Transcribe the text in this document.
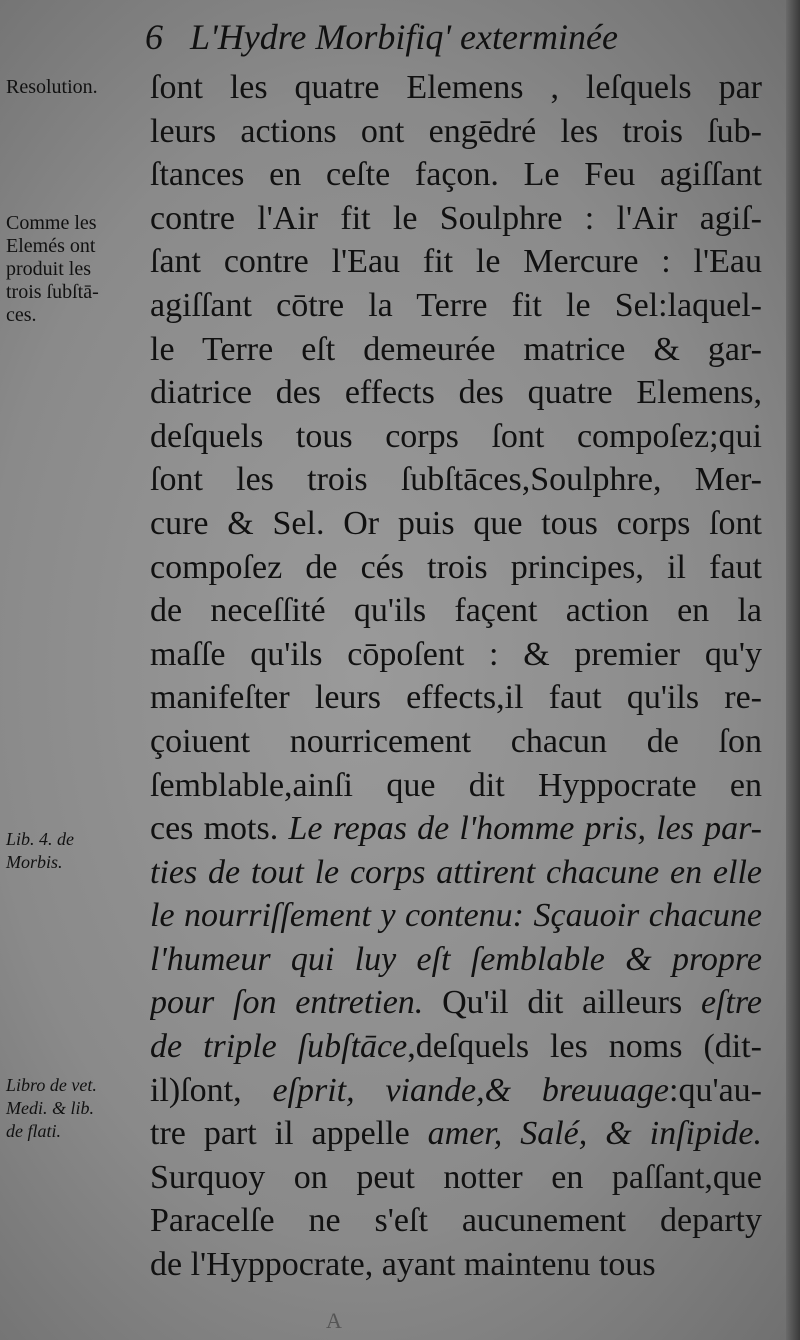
6 L'Hydre Morbifiq' exterminée
Resolution.
Comme les
Elemés ont
produit les
trois ſubſtā-
ces.
Lib. 4. de
Morbis.
Libro de vet.
Medi. & lib.
de flati.
ſont les quatre Elemens , leſquels par
leurs actions ont engēdré les trois ſub-
ſtances en ceſte façon. Le Feu agiſſant
contre l'Air fit le Soulphre : l'Air agiſ-
ſant contre l'Eau fit le Mercure : l'Eau
agiſſant cōtre la Terre fit le Sel:laquel-
le Terre eſt demeurée matrice & gar-
diatrice des effects des quatre Elemens,
deſquels tous corps ſont compoſez;qui
ſont les trois ſubſtāces,Soulphre, Mer-
cure & Sel. Or puis que tous corps ſont
compoſez de cés trois principes, il faut
de neceſſité qu'ils façent action en la
maſſe qu'ils cōpoſent : & premier qu'y
manifeſter leurs effects,il faut qu'ils re-
çoiuent nourricement chacun de ſon
ſemblable,ainſi que dit Hyppocrate en
ces mots. Le repas de l'homme pris, les par-
ties de tout le corps attirent chacune en elle
le nourriſſement y contenu: Sçauoir chacune
l'humeur qui luy eſt ſemblable & propre
pour ſon entretien. Qu'il dit ailleurs eſtre
de triple ſubſtāce,deſquels les noms (dit-
il)ſont, eſprit, viande,& breuuage:qu'au-
tre part il appelle amer, Salé, & inſipide.
Surquoy on peut notter en paſſant,que
Paracelſe ne s'eſt aucunement departy
de l'Hyppocrate, ayant maintenu tous
A
